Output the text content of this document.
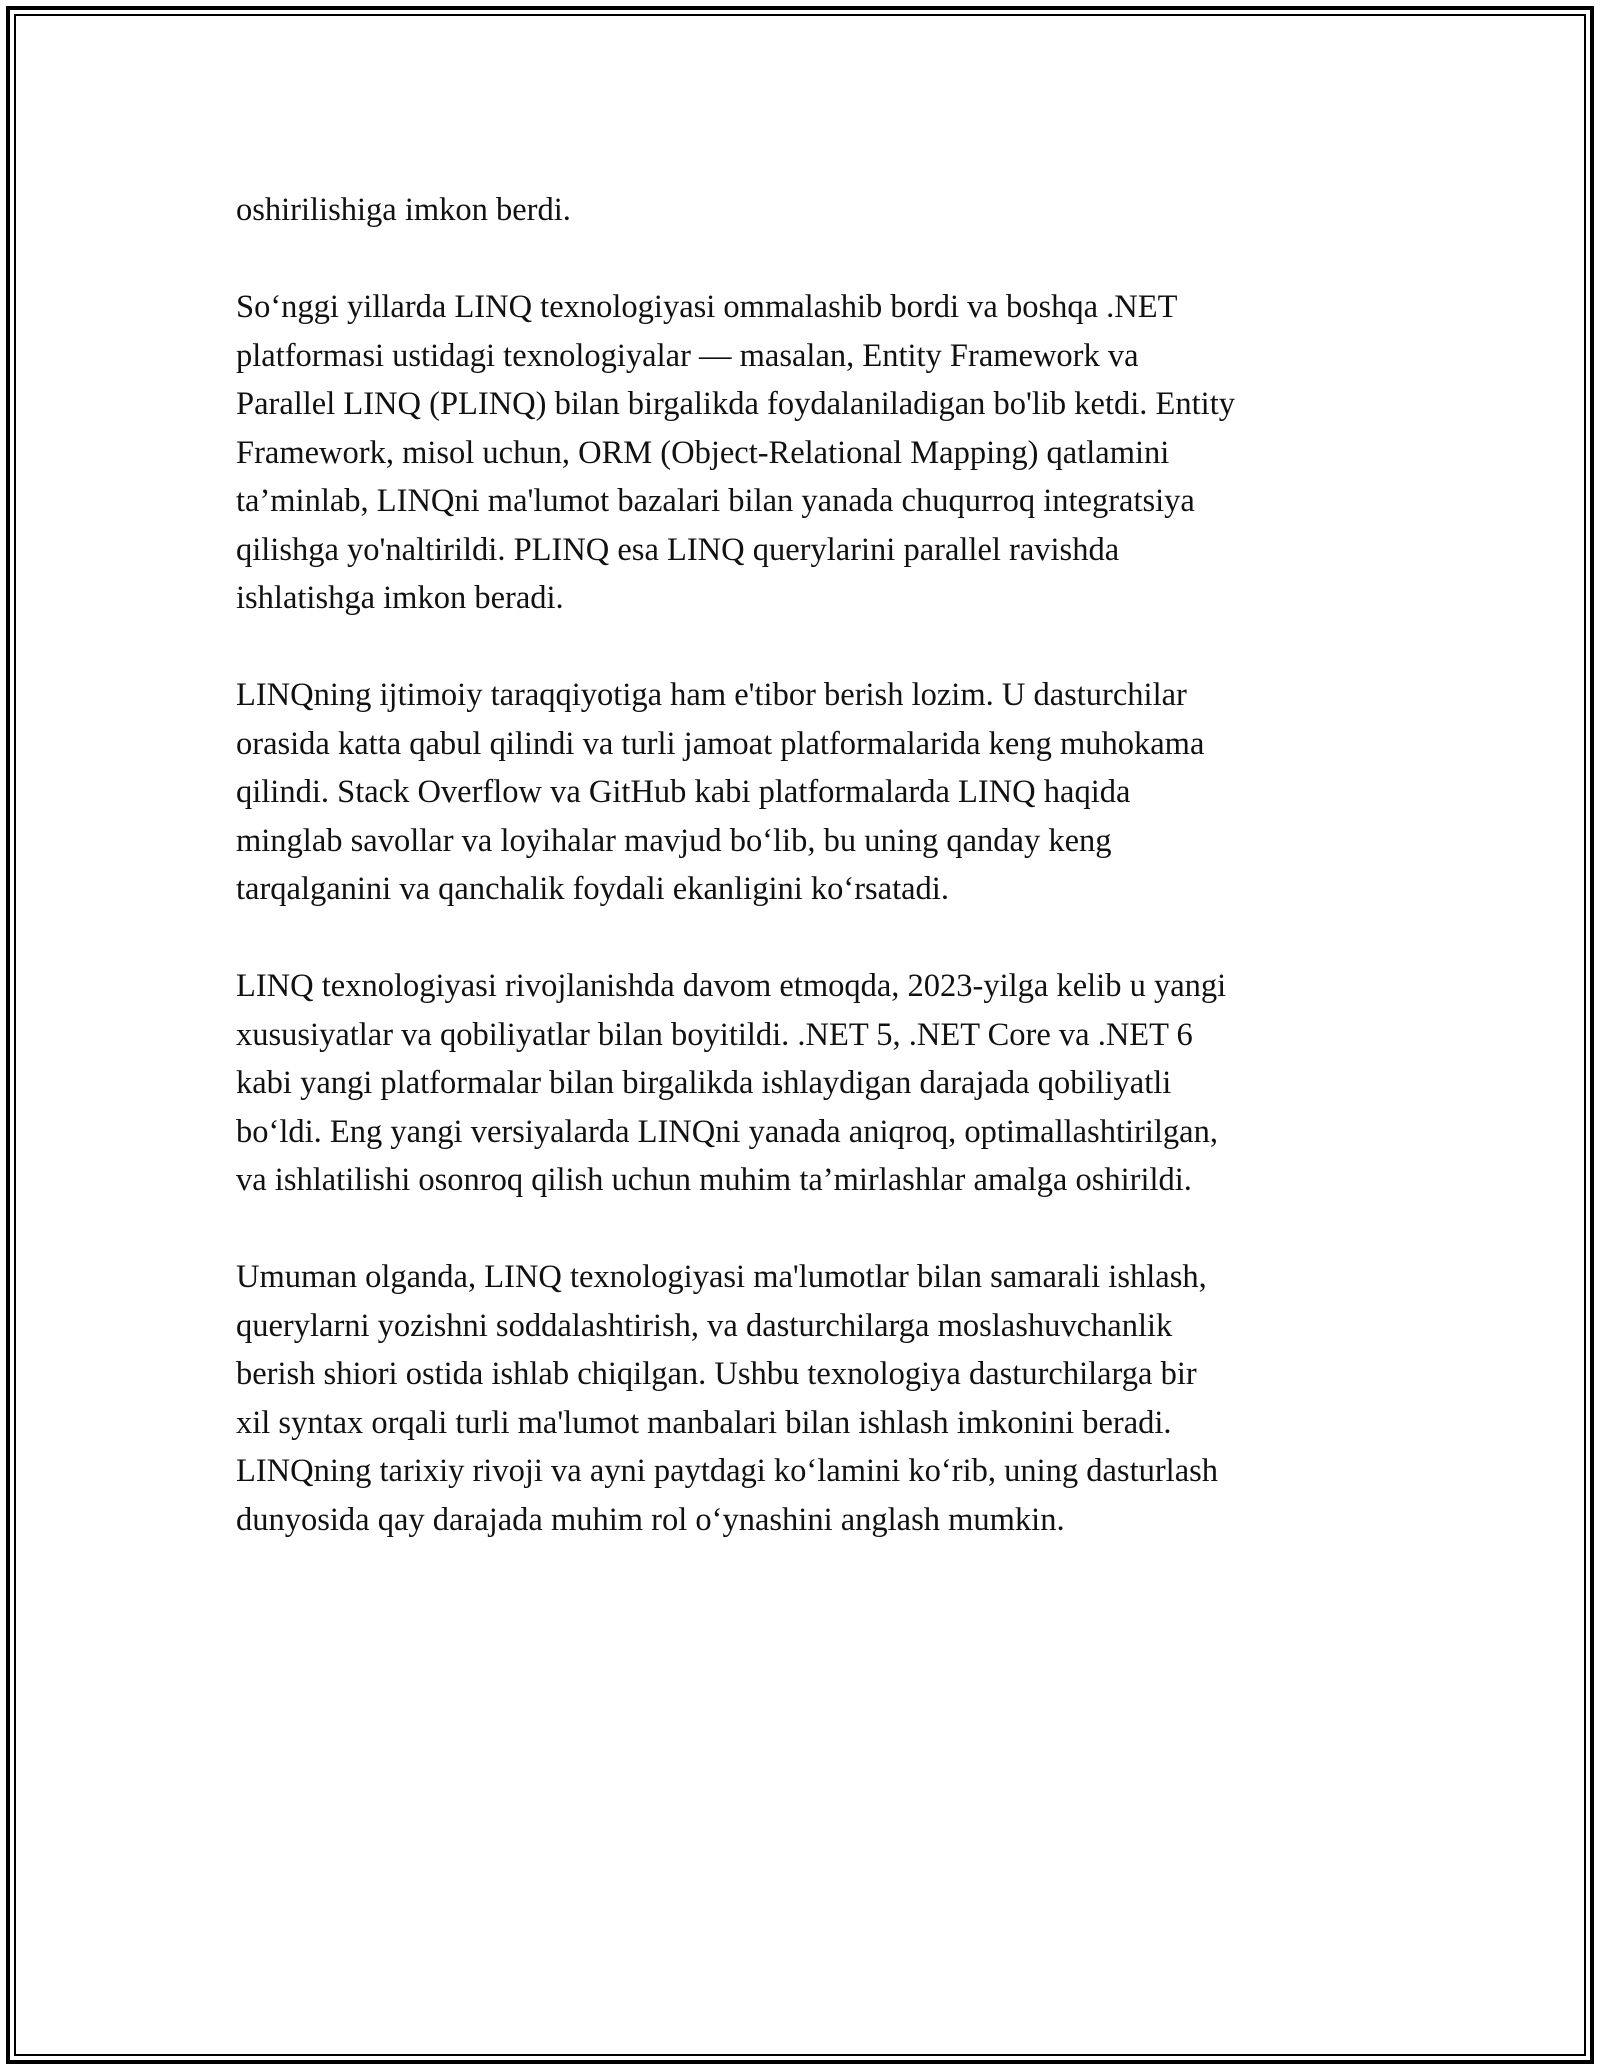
oshirilishiga imkon berdi.
So‘nggi yillarda LINQ texnologiyasi ommalashib bordi va boshqa .NET
platformasi ustidagi texnologiyalar — masalan, Entity Framework va
Parallel LINQ (PLINQ) bilan birgalikda foydalaniladigan bo'lib ketdi. Entity
Framework, misol uchun, ORM (Object-Relational Mapping) qatlamini
ta’minlab, LINQni ma'lumot bazalari bilan yanada chuqurroq integratsiya
qilishga yo'naltirildi. PLINQ esa LINQ querylarini parallel ravishda
ishlatishga imkon beradi.
LINQning ijtimoiy taraqqiyotiga ham e'tibor berish lozim. U dasturchilar
orasida katta qabul qilindi va turli jamoat platformalarida keng muhokama
qilindi. Stack Overflow va GitHub kabi platformalarda LINQ haqida
minglab savollar va loyihalar mavjud bo‘lib, bu uning qanday keng
tarqalganini va qanchalik foydali ekanligini ko‘rsatadi.
LINQ texnologiyasi rivojlanishda davom etmoqda, 2023-yilga kelib u yangi
xususiyatlar va qobiliyatlar bilan boyitildi. .NET 5, .NET Core va .NET 6
kabi yangi platformalar bilan birgalikda ishlaydigan darajada qobiliyatli
bo‘ldi. Eng yangi versiyalarda LINQni yanada aniqroq, optimallashtirilgan,
va ishlatilishi osonroq qilish uchun muhim ta’mirlashlar amalga oshirildi.
Umuman olganda, LINQ texnologiyasi ma'lumotlar bilan samarali ishlash,
querylarni yozishni soddalashtirish, va dasturchilarga moslashuvchanlik
berish shiori ostida ishlab chiqilgan. Ushbu texnologiya dasturchilarga bir
xil syntax orqali turli ma'lumot manbalari bilan ishlash imkonini beradi.
LINQning tarixiy rivoji va ayni paytdagi ko‘lamini ko‘rib, uning dasturlash
dunyosida qay darajada muhim rol o‘ynashini anglash mumkin.
